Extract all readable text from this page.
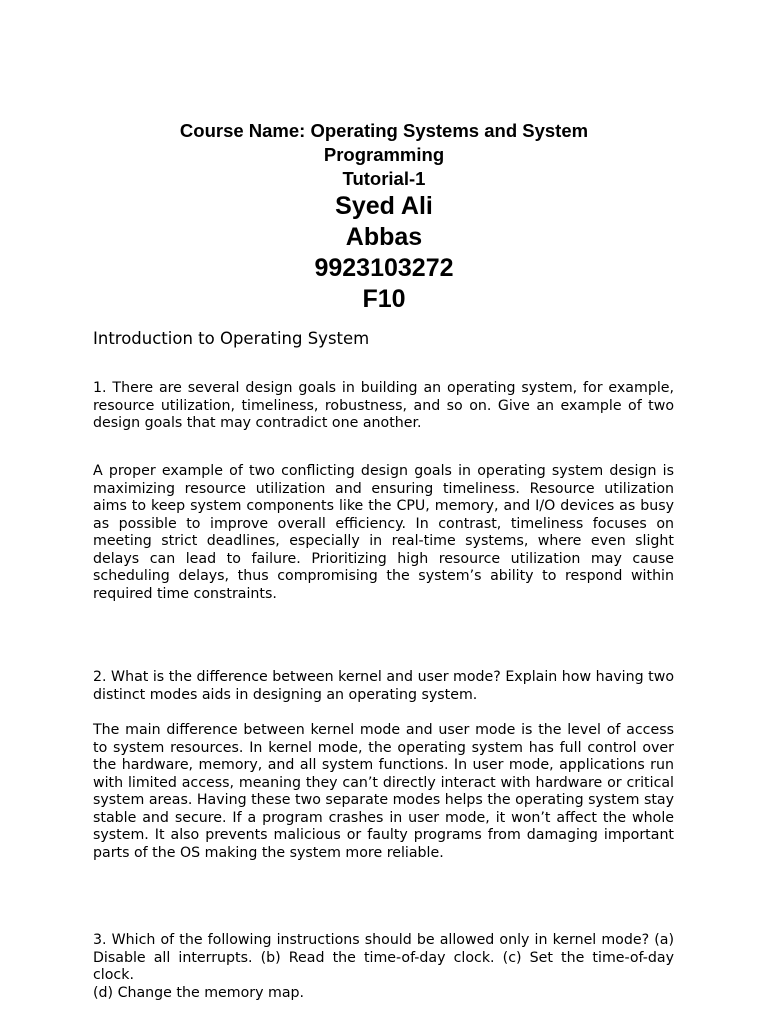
Course Name: Operating Systems and System
Programming
Tutorial-1
Syed Ali
Abbas
9923103272
F10
Introduction to Operating System
1. There are several design goals in building an operating system, for example, resource utilization, timeliness, robustness, and so on. Give an example of two design goals that may contradict one another.
A proper example of two conflicting design goals in operating system design is maximizing resource utilization and ensuring timeliness. Resource utilization aims to keep system components like the CPU, memory, and I/O devices as busy as possible to improve overall efficiency. In contrast, timeliness focuses on meeting strict deadlines, especially in real-time systems, where even slight delays can lead to failure. Prioritizing high resource utilization may cause scheduling delays, thus compromising the system’s ability to respond within required time constraints.
2. What is the difference between kernel and user mode? Explain how having two distinct modes aids in designing an operating system.
The main difference between kernel mode and user mode is the level of access to system resources. In kernel mode, the operating system has full control over the hardware, memory, and all system functions. In user mode, applications run with limited access, meaning they can’t directly interact with hardware or critical system areas. Having these two separate modes helps the operating system stay stable and secure. If a program crashes in user mode, it won’t affect the whole system. It also prevents malicious or faulty programs from damaging important parts of the OS making the system more reliable.
3. Which of the following instructions should be allowed only in kernel mode? (a) Disable all interrupts. (b) Read the time-of-day clock. (c) Set the time-of-day clock.
(d) Change the memory map.
